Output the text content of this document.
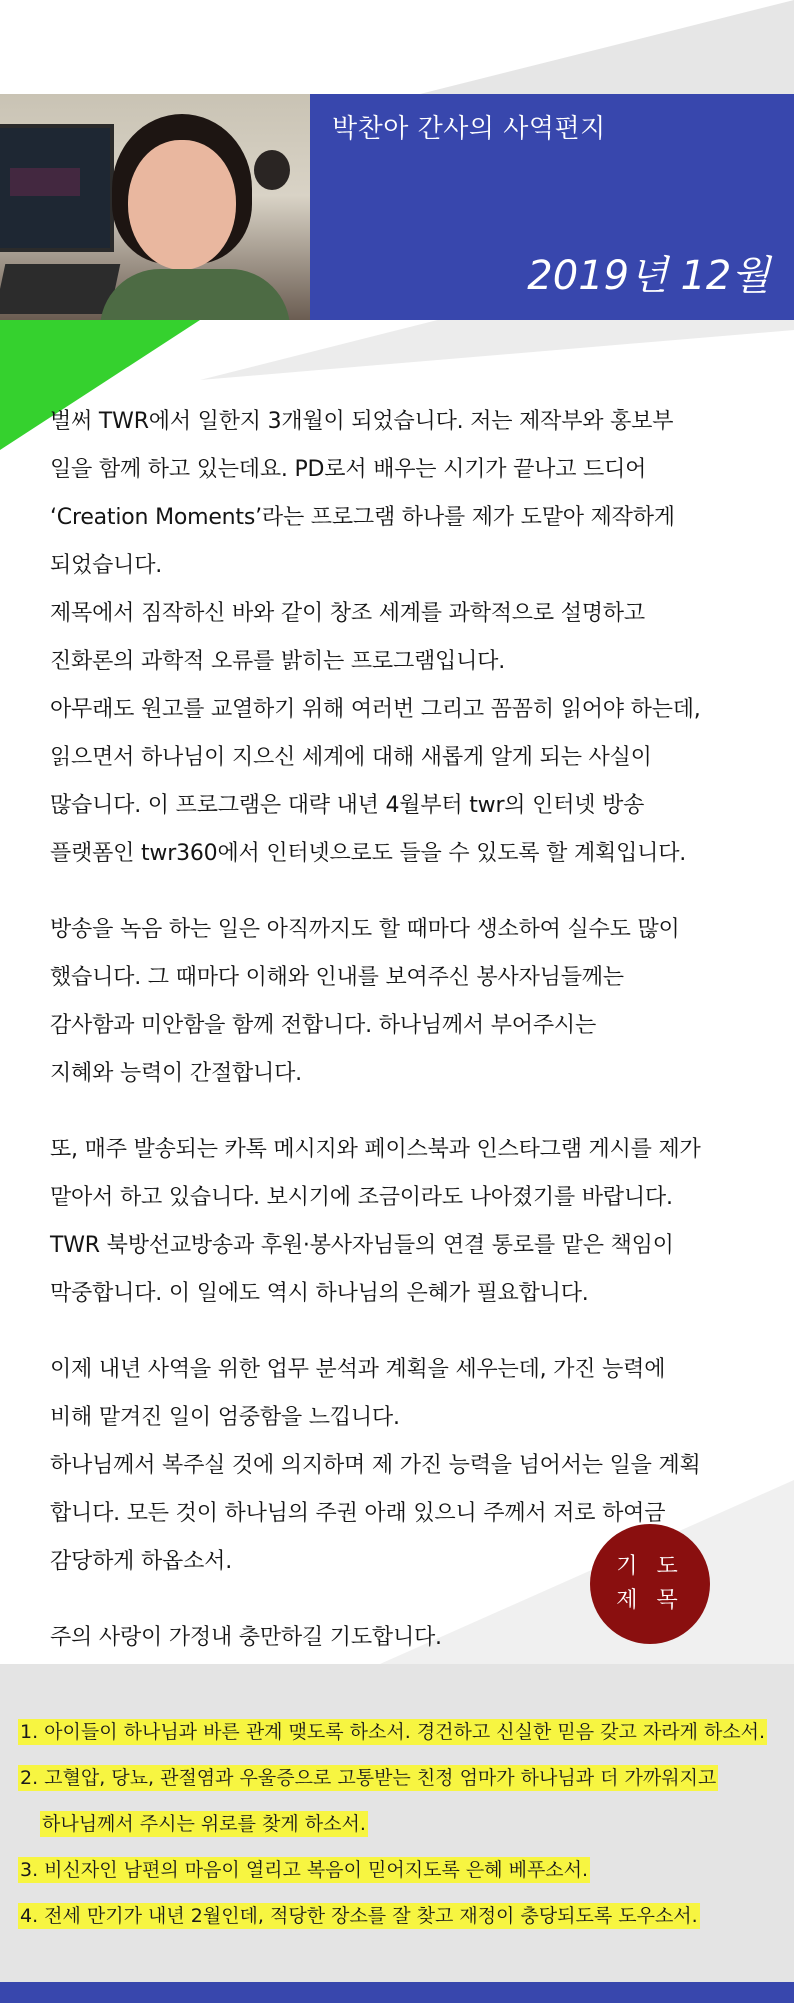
박찬아 간사의 사역편지
2019년 12월

벌써 TWR에서 일한지 3개월이 되었습니다. 저는 제작부와 홍보부
일을 함께 하고 있는데요. PD로서 배우는 시기가 끝나고 드디어
‘Creation Moments’라는 프로그램 하나를 제가 도맡아 제작하게
되었습니다.
제목에서 짐작하신 바와 같이 창조 세계를 과학적으로 설명하고
진화론의 과학적 오류를 밝히는 프로그램입니다.
아무래도 원고를 교열하기 위해 여러번 그리고 꼼꼼히 읽어야 하는데,
읽으면서 하나님이 지으신 세계에 대해 새롭게 알게 되는 사실이
많습니다. 이 프로그램은 대략 내년 4월부터 twr의 인터넷 방송
플랫폼인 twr360에서 인터넷으로도 들을 수 있도록 할 계획입니다.

방송을 녹음 하는 일은 아직까지도 할 때마다 생소하여 실수도 많이
했습니다. 그 때마다 이해와 인내를 보여주신 봉사자님들께는
감사함과 미안함을 함께 전합니다. 하나님께서 부어주시는
지혜와 능력이 간절합니다.

또, 매주 발송되는 카톡 메시지와 페이스북과 인스타그램 게시를 제가
맡아서 하고 있습니다. 보시기에 조금이라도 나아졌기를 바랍니다.
TWR 북방선교방송과 후원·봉사자님들의 연결 통로를 맡은 책임이
막중합니다. 이 일에도 역시 하나님의 은혜가 필요합니다.

이제 내년 사역을 위한 업무 분석과 계획을 세우는데, 가진 능력에
비해 맡겨진 일이 엄중함을 느낍니다.
하나님께서 복주실 것에 의지하며 제 가진 능력을 넘어서는 일을 계획
합니다. 모든 것이 하나님의 주권 아래 있으니 주께서 저로 하여금
감당하게 하옵소서.

주의 사랑이 가정내 충만하길 기도합니다.

기 도
제 목
1. 아이들이 하나님과 바른 관계 맺도록 하소서. 경건하고 신실한 믿음 갖고 자라게 하소서.
2. 고혈압, 당뇨, 관절염과 우울증으로 고통받는 친정 엄마가 하나님과 더 가까워지고
하나님께서 주시는 위로를 찾게 하소서.
3. 비신자인 남편의 마음이 열리고 복음이 믿어지도록 은혜 베푸소서.
4. 전세 만기가 내년 2월인데, 적당한 장소를 잘 찾고 재정이 충당되도록 도우소서.
